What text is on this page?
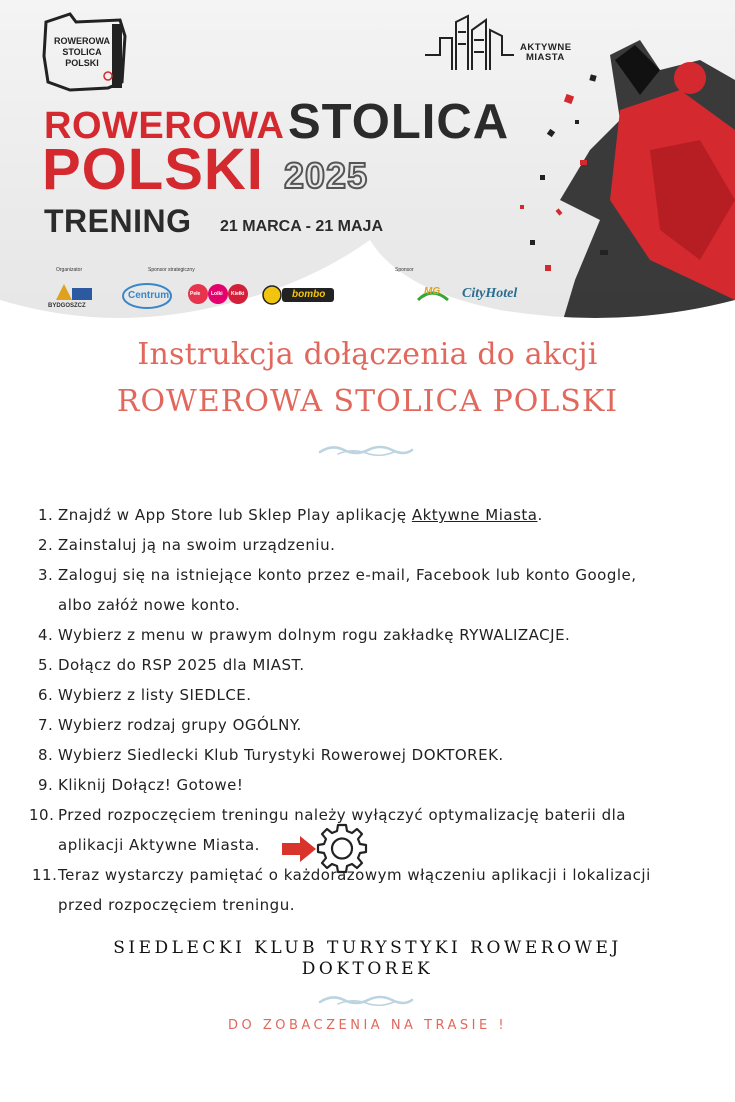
ROWEROWA
STOLICA
POLSKI
AKTYWNE
MIASTA
ROWEROWA STOLICA
POLSKI 2025
TRENING 21 MARCA - 21 MAJA
Organizator	Sponsor strategiczny	Sponsor
BYDGOSZCZ
Centrum	Pełe Lolki Kiełki	bombo	MG CityHotel
Instrukcja dołączenia do akcji
ROWEROWA STOLICA POLSKI
1. Znajdź w App Store lub Sklep Play aplikację Aktywne Miasta.
2. Zainstaluj ją na swoim urządzeniu.
3. Zaloguj się na istniejące konto przez e-mail, Facebook lub konto Google,
albo załóż nowe konto.
4. Wybierz z menu w prawym dolnym rogu zakładkę RYWALIZACJE.
5. Dołącz do RSP 2025 dla MIAST.
6. Wybierz z listy SIEDLCE.
7. Wybierz rodzaj grupy OGÓLNY.
8. Wybierz Siedlecki Klub Turystyki Rowerowej DOKTOREK.
9. Kliknij Dołącz! Gotowe!
10. Przed rozpoczęciem treningu należy wyłączyć optymalizację baterii dla
aplikacji Aktywne Miasta.
11. Teraz wystarczy pamiętać o każdorazowym włączeniu aplikacji i lokalizacji
przed rozpoczęciem treningu.
SIEDLECKI KLUB TURYSTYKI ROWEROWEJ
DOKTOREK
DO ZOBACZENIA NA TRASIE !
